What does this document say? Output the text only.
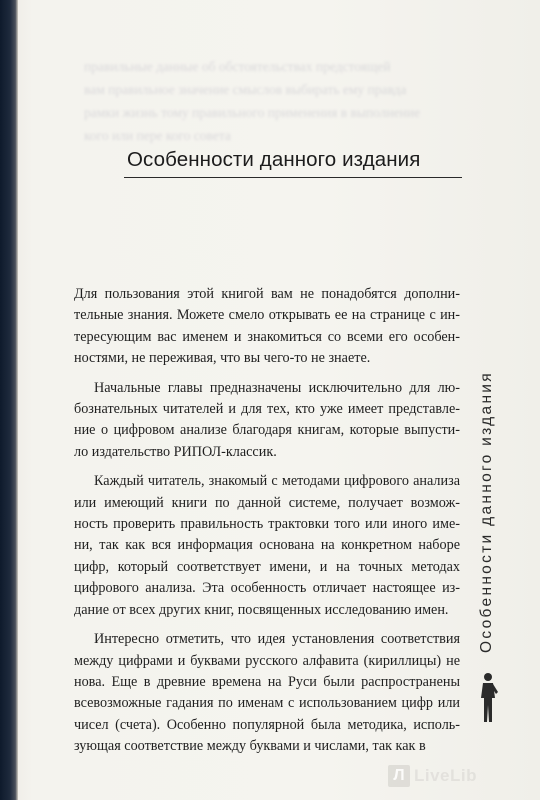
правильные данные об обстоятельствах предстоящей
вам правильное значение смыслов выбирать ему правда
рамки жизнь тому правильного применения в выполнение
кого или пере кого совета
Особенности данного издания

Для пользования этой книгой вам не понадобятся дополни-
тельные знания. Можете смело открывать ее на странице с ин-
тересующим вас именем и знакомиться со всеми его особен-
ностями, не переживая, что вы чего-то не знаете.

Начальные главы предназначены исключительно для лю-
бознательных читателей и для тех, кто уже имеет представле-
ние о цифровом анализе благодаря книгам, которые выпусти-
ло издательство РИПОЛ-классик.

Каждый читатель, знакомый с методами цифрового анализа
или имеющий книги по данной системе, получает возмож-
ность проверить правильность трактовки того или иного име-
ни, так как вся информация основана на конкретном наборе
цифр, который соответствует имени, и на точных методах
цифрового анализа. Эта особенность отличает настоящее из-
дание от всех других книг, посвященных исследованию имен.

Интересно отметить, что идея установления соответствия
между цифрами и буквами русского алфавита (кириллицы) не
нова. Еще в древние времена на Руси были распространены
всевозможные гадания по именам с использованием цифр или
чисел (счета). Особенно популярной была методика, исполь-
зующая соответствие между буквами и числами, так как в

Особенности данного издания
Л LiveLib
